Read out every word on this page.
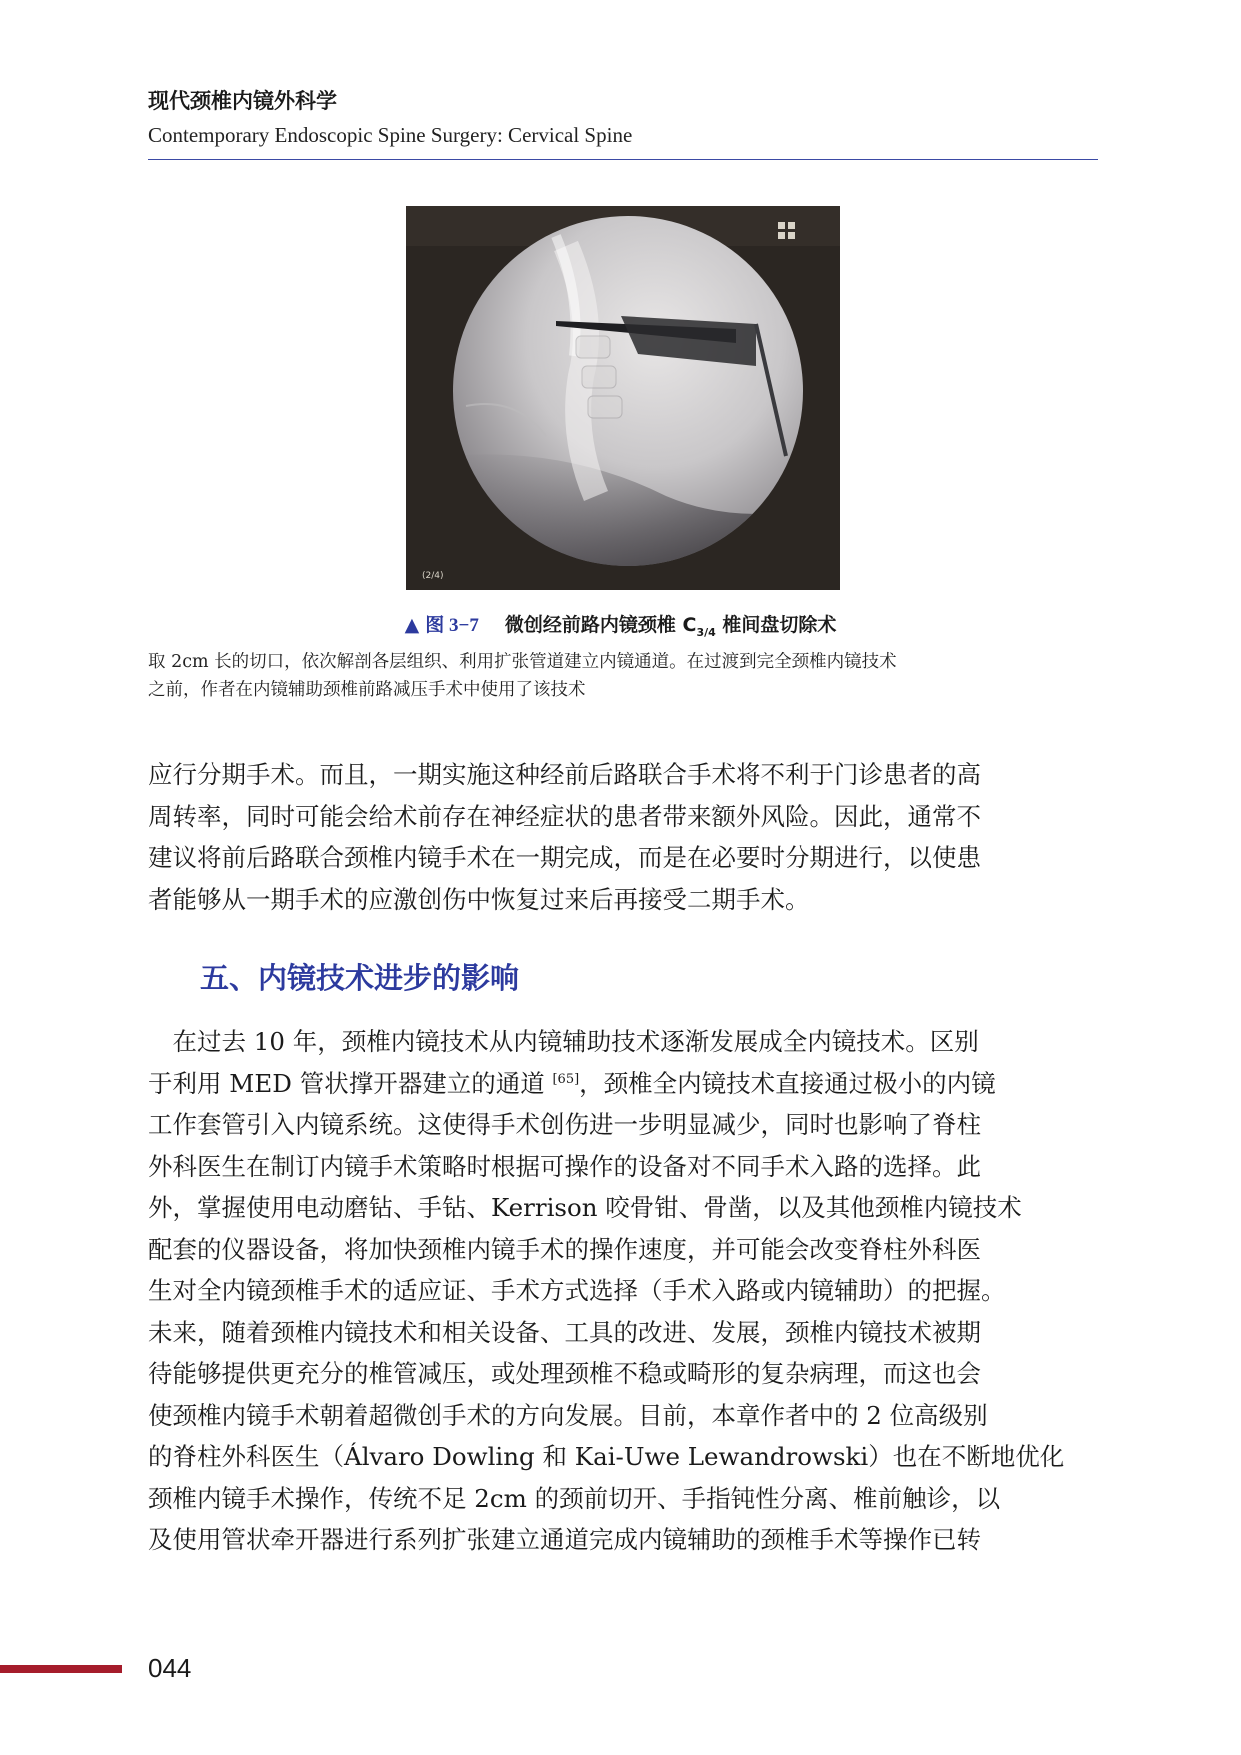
现代颈椎内镜外科学
Contemporary Endoscopic Spine Surgery: Cervical Spine
(2/4)
▲ 图 3−7 微创经前路内镜颈椎 $C_{3/4}$ 椎间盘切除术

取 2cm 长的切口，依次解剖各层组织、利用扩张管道建立内镜通道。在过渡到完全颈椎内镜技术

之前，作者在内镜辅助颈椎前路减压手术中使用了该技术

应行分期手术。而且，一期实施这种经前后路联合手术将不利于门诊患者的高

周转率，同时可能会给术前存在神经症状的患者带来额外风险。因此，通常不

建议将前后路联合颈椎内镜手术在一期完成，而是在必要时分期进行，以使患

者能够从一期手术的应激创伤中恢复过来后再接受二期手术。

五、内镜技术进步的影响

　在过去 10 年，颈椎内镜技术从内镜辅助技术逐渐发展成全内镜技术。区别

于利用 MED 管状撑开器建立的通道 [65]，颈椎全内镜技术直接通过极小的内镜

工作套管引入内镜系统。这使得手术创伤进一步明显减少，同时也影响了脊柱

外科医生在制订内镜手术策略时根据可操作的设备对不同手术入路的选择。此

外，掌握使用电动磨钻、手钻、Kerrison 咬骨钳、骨凿，以及其他颈椎内镜技术

配套的仪器设备，将加快颈椎内镜手术的操作速度，并可能会改变脊柱外科医

生对全内镜颈椎手术的适应证、手术方式选择（手术入路或内镜辅助）的把握。

未来，随着颈椎内镜技术和相关设备、工具的改进、发展，颈椎内镜技术被期

待能够提供更充分的椎管减压，或处理颈椎不稳或畸形的复杂病理，而这也会

使颈椎内镜手术朝着超微创手术的方向发展。目前，本章作者中的 2 位高级别

的脊柱外科医生（Álvaro Dowling 和 Kai-Uwe Lewandrowski）也在不断地优化

颈椎内镜手术操作，传统不足 2cm 的颈前切开、手指钝性分离、椎前触诊，以

及使用管状牵开器进行系列扩张建立通道完成内镜辅助的颈椎手术等操作已转

044
